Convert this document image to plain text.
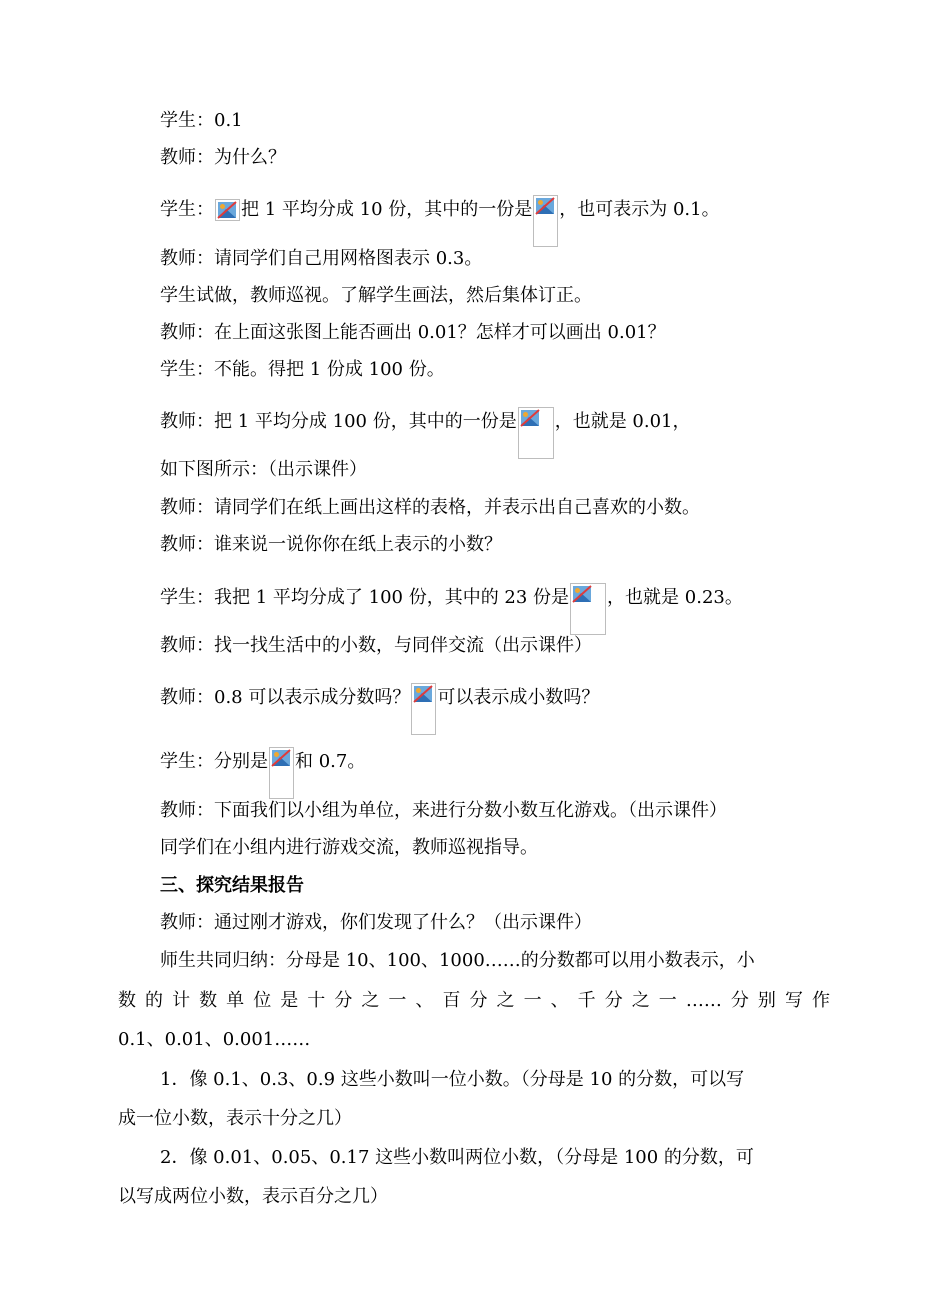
学生：0.1
教师：为什么？
学生： 把 1 平均分成 10 份，其中的一份是 ，也可表示为 0.1。
教师：请同学们自己用网格图表示 0.3。
学生试做，教师巡视。了解学生画法，然后集体订正。
教师：在上面这张图上能否画出 0.01？怎样才可以画出 0.01？
学生：不能。得把 1 份成 100 份。
教师：把 1 平均分成 100 份，其中的一份是 ，也就是 0.01，
如下图所示：（出示课件）
教师：请同学们在纸上画出这样的表格，并表示出自己喜欢的小数。
教师：谁来说一说你你在纸上表示的小数？
学生：我把 1 平均分成了 100 份，其中的 23 份是 ，也就是 0.23。
教师：找一找生活中的小数，与同伴交流（出示课件）
教师：0.8 可以表示成分数吗？ 可以表示成小数吗？
学生：分别是 和 0.7。
教师：下面我们以小组为单位，来进行分数小数互化游戏。（出示课件）
同学们在小组内进行游戏交流，教师巡视指导。
三、探究结果报告
教师：通过刚才游戏，你们发现了什么？（出示课件）
师生共同归纳：分母是 10、100、1000……的分数都可以用小数表示，小
数的计数单位是十分之一、百分之一、千分之一……分别写作
0.1、0.01、0.001……
1．像 0.1、0.3、0.9 这些小数叫一位小数。（分母是 10 的分数，可以写
成一位小数，表示十分之几）
2．像 0.01、0.05、0.17 这些小数叫两位小数，（分母是 100 的分数，可
以写成两位小数，表示百分之几）
